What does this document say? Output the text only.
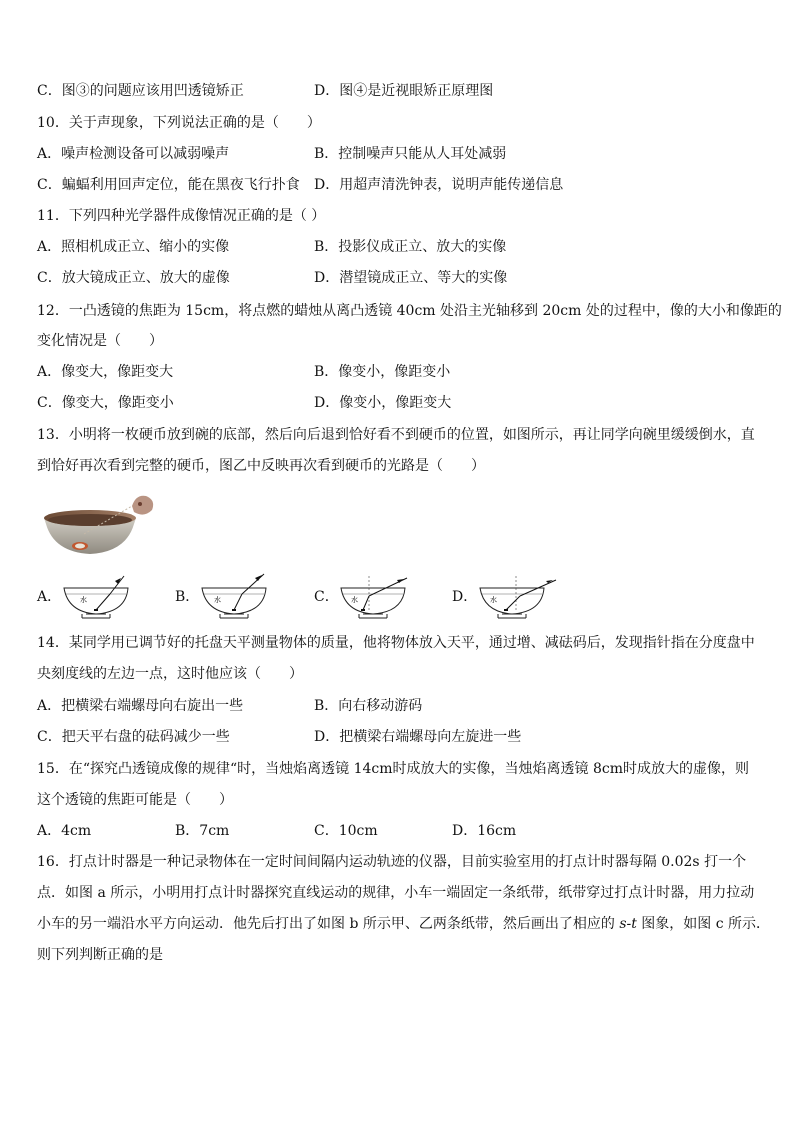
C．图③的问题应该用凹透镜矫正	D．图④是近视眼矫正原理图
10．关于声现象，下列说法正确的是（　　）
A．噪声检测设备可以减弱噪声	B．控制噪声只能从人耳处减弱
C．蝙蝠利用回声定位，能在黑夜飞行扑食 D．用超声清洗钟表，说明声能传递信息
11．下列四种光学器件成像情况正确的是（ ）
A．照相机成正立、缩小的实像	B．投影仪成正立、放大的实像
C．放大镜成正立、放大的虚像	D．潜望镜成正立、等大的实像
12．一凸透镜的焦距为 15cm，将点燃的蜡烛从离凸透镜 40cm 处沿主光轴移到 20cm 处的过程中，像的大小和像距的
变化情况是（　　）
A．像变大，像距变大	B．像变小，像距变小
C．像变大，像距变小	D．像变小，像距变大
13．小明将一枚硬币放到碗的底部，然后向后退到恰好看不到硬币的位置，如图所示，再让同学向碗里缓缓倒水，直
到恰好再次看到完整的硬币，图乙中反映再次看到硬币的光路是（　　）
A．	水	B． 水	C． 水	D． 水
14．某同学用已调节好的托盘天平测量物体的质量，他将物体放入天平，通过增、减砝码后，发现指针指在分度盘中
央刻度线的左边一点，这时他应该（　　）
A．把横梁右端螺母向右旋出一些	B．向右移动游码
C．把天平右盘的砝码减少一些	D．把横梁右端螺母向左旋进一些
15．在“探究凸透镜成像的规律“时，当烛焰离透镜 14cm时成放大的实像，当烛焰离透镜 8cm时成放大的虚像，则
这个透镜的焦距可能是（　　）
A．4cm	B．7cm	C．10cm	D．16cm
16．打点计时器是一种记录物体在一定时间间隔内运动轨迹的仪器，目前实验室用的打点计时器每隔 0.02s 打一个
点．如图 a 所示，小明用打点计时器探究直线运动的规律，小车一端固定一条纸带，纸带穿过打点计时器，用力拉动
小车的另一端沿水平方向运动．他先后打出了如图 b 所示甲、乙两条纸带，然后画出了相应的 s-t 图象，如图 c 所示．
则下列判断正确的是
